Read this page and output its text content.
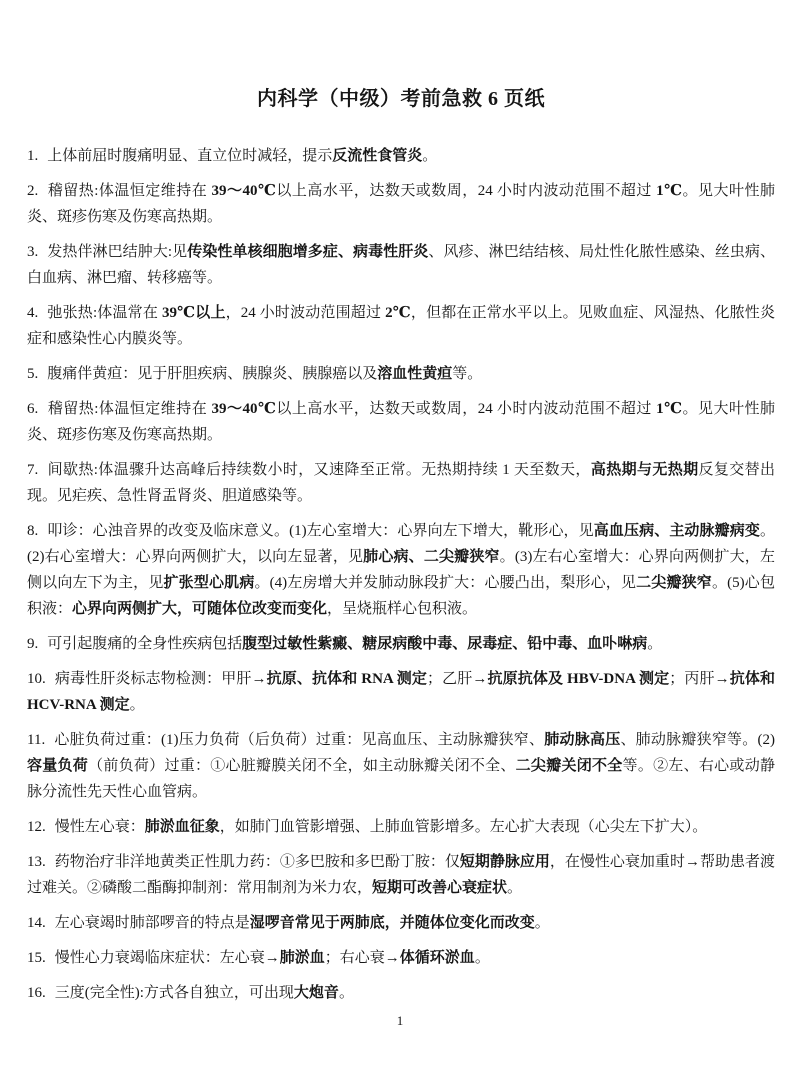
内科学（中级）考前急救 6 页纸

1. 上体前屈时腹痛明显、直立位时减轻，提示反流性食管炎。

2. 稽留热:体温恒定维持在 39～40℃以上高水平，达数天或数周，24 小时内波动范围不超过 1℃。见大叶性肺炎、斑疹伤寒及伤寒高热期。

3. 发热伴淋巴结肿大:见传染性单核细胞增多症、病毒性肝炎、风疹、淋巴结结核、局灶性化脓性感染、丝虫病、白血病、淋巴瘤、转移癌等。

4. 弛张热:体温常在 39℃以上，24 小时波动范围超过 2℃，但都在正常水平以上。见败血症、风湿热、化脓性炎症和感染性心内膜炎等。

5. 腹痛伴黄疸：见于肝胆疾病、胰腺炎、胰腺癌以及溶血性黄疸等。

6. 稽留热:体温恒定维持在 39～40℃以上高水平，达数天或数周，24 小时内波动范围不超过 1℃。见大叶性肺炎、斑疹伤寒及伤寒高热期。

7. 间歇热:体温骤升达高峰后持续数小时，又速降至正常。无热期持续 1 天至数天，高热期与无热期反复交替出现。见疟疾、急性肾盂肾炎、胆道感染等。

8. 叩诊：心浊音界的改变及临床意义。(1)左心室增大：心界向左下增大，靴形心，见高血压病、主动脉瓣病变。(2)右心室增大：心界向两侧扩大，以向左显著，见肺心病、二尖瓣狭窄。(3)左右心室增大：心界向两侧扩大，左侧以向左下为主，见扩张型心肌病。(4)左房增大并发肺动脉段扩大：心腰凸出，梨形心，见二尖瓣狭窄。(5)心包积液：心界向两侧扩大，可随体位改变而变化，呈烧瓶样心包积液。

9. 可引起腹痛的全身性疾病包括腹型过敏性紫癜、糖尿病酸中毒、尿毒症、铅中毒、血卟啉病。

10. 病毒性肝炎标志物检测：甲肝→抗原、抗体和 RNA 测定；乙肝→抗原抗体及 HBV-DNA 测定；丙肝→抗体和 HCV-RNA 测定。

11. 心脏负荷过重：(1)压力负荷（后负荷）过重：见高血压、主动脉瓣狭窄、肺动脉高压、肺动脉瓣狭窄等。(2)容量负荷（前负荷）过重：①心脏瓣膜关闭不全，如主动脉瓣关闭不全、二尖瓣关闭不全等。②左、右心或动静脉分流性先天性心血管病。

12. 慢性左心衰：肺淤血征象，如肺门血管影增强、上肺血管影增多。左心扩大表现（心尖左下扩大）。

13. 药物治疗非洋地黄类正性肌力药：①多巴胺和多巴酚丁胺：仅短期静脉应用，在慢性心衰加重时→帮助患者渡过难关。②磷酸二酯酶抑制剂：常用制剂为米力农，短期可改善心衰症状。

14. 左心衰竭时肺部啰音的特点是湿啰音常见于两肺底，并随体位变化而改变。

15. 慢性心力衰竭临床症状：左心衰→肺淤血；右心衰→体循环淤血。

16. 三度(完全性):方式各自独立，可出现大炮音。

1
